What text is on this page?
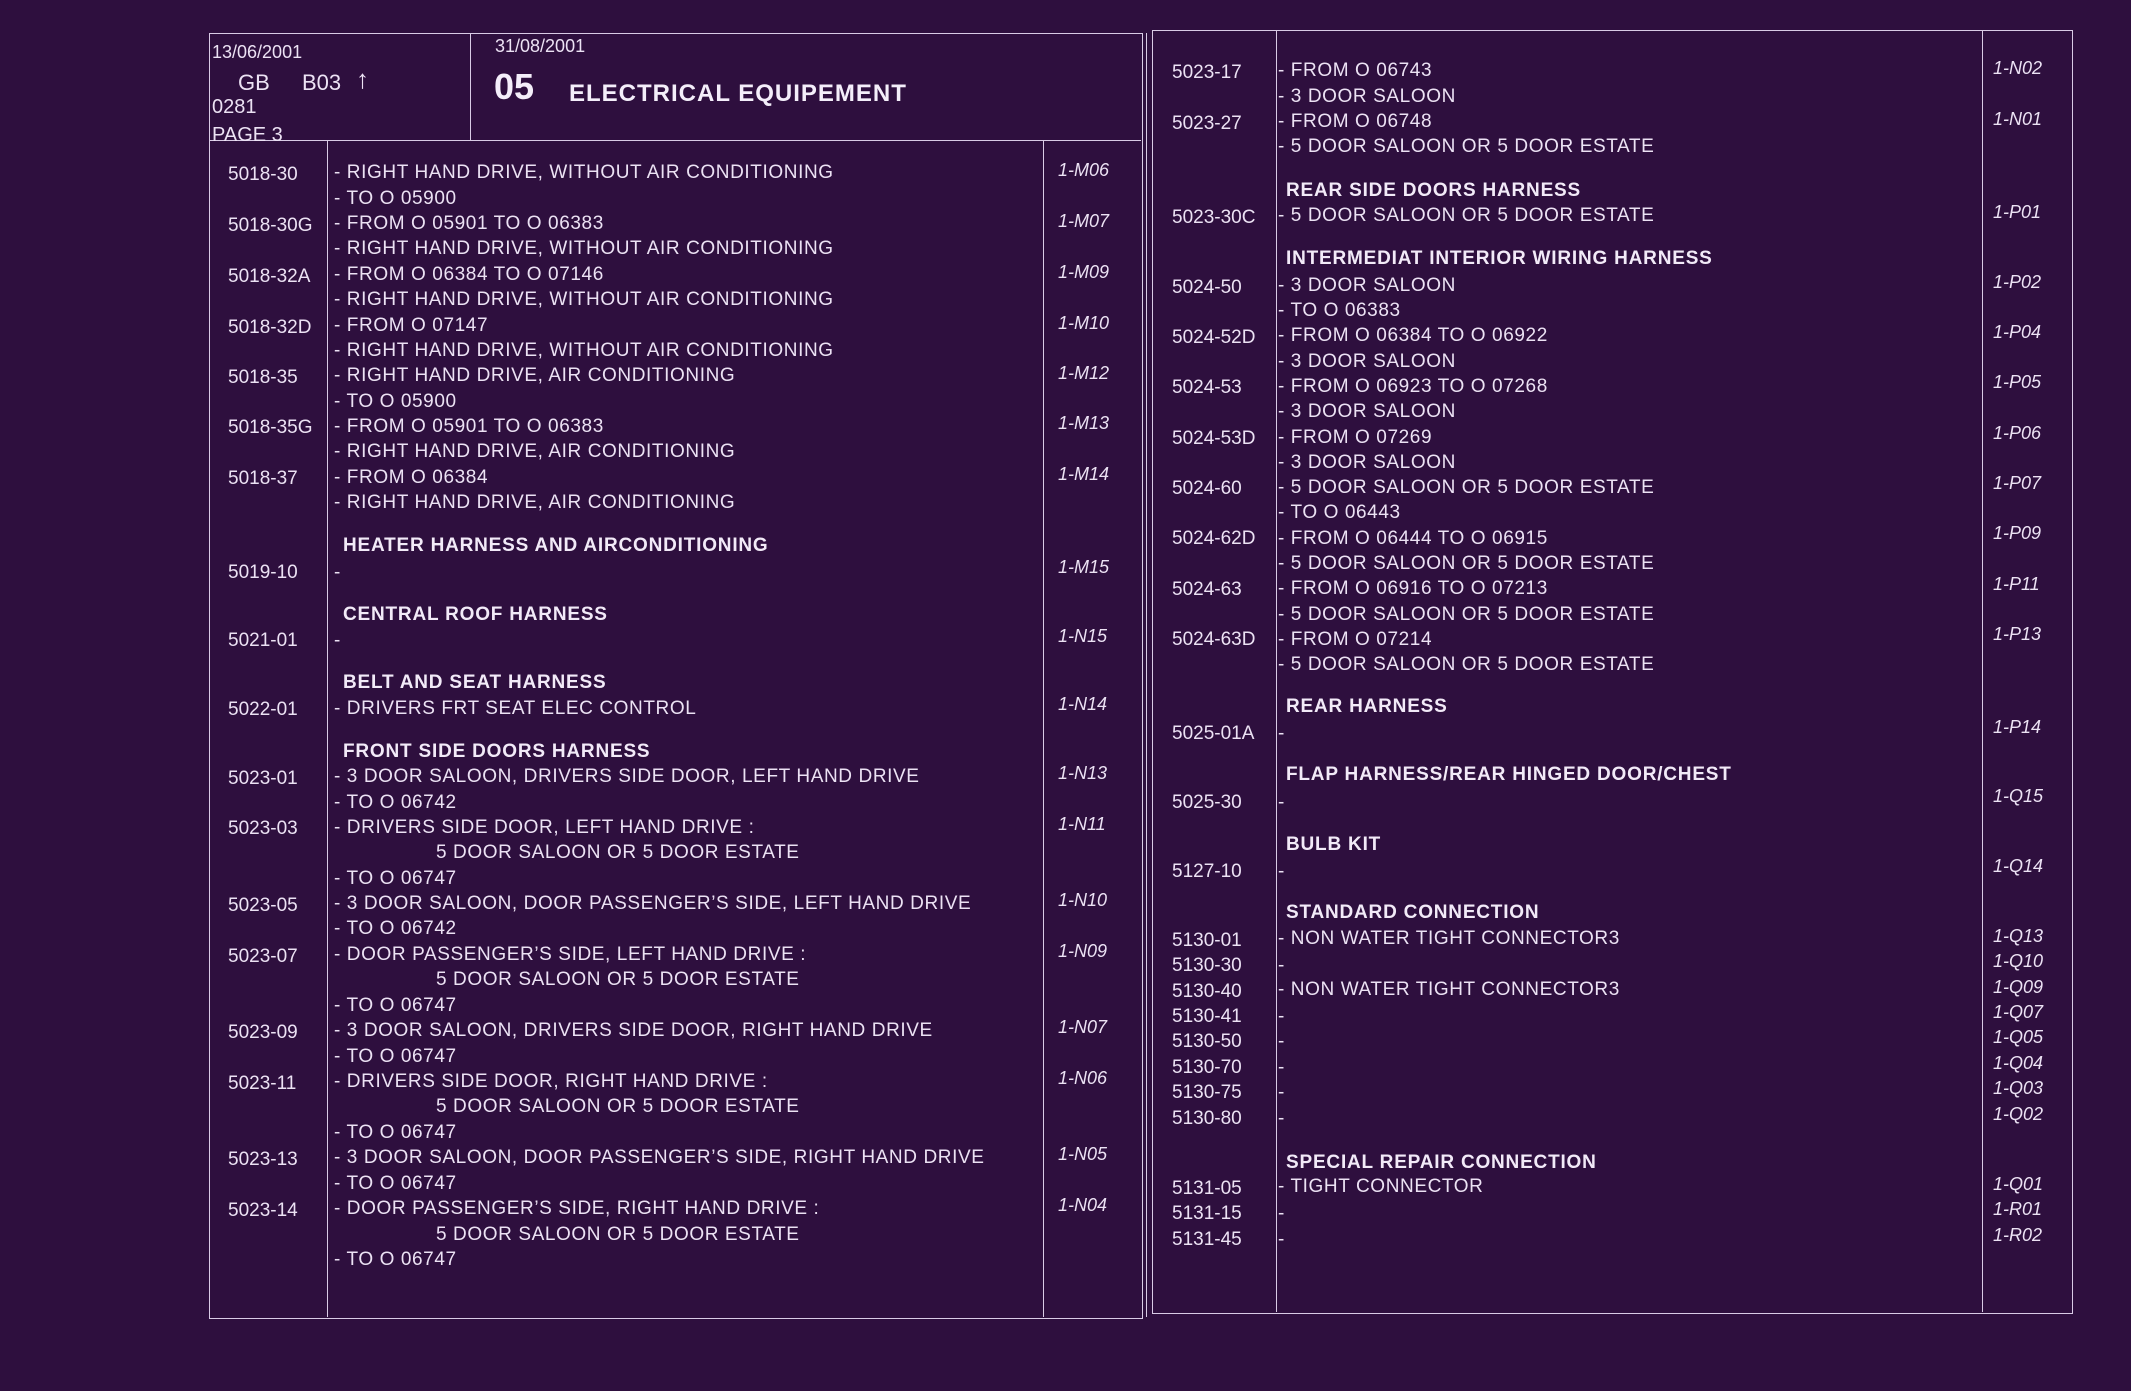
13/06/2001
GB B03 ↑
0281
PAGE 3
31/08/2001
05 ELECTRICAL EQUIPEMENT
5018-30
5018-30G
5018-32A
5018-32D
5018-35
5018-35G
5018-37
5019-10
5021-01
5022-01
5023-01
5023-03
5023-05
5023-07
5023-09
5023-11
5023-13
5023-14
1-M06
1-M07
1-M09
1-M10
1-M12
1-M13
1-M14
1-M15
1-N15
1-N14
1-N13
1-N11
1-N10
1-N09
1-N07
1-N06
1-N05
1-N04
HEATER HARNESS AND AIRCONDITIONING
CENTRAL ROOF HARNESS
BELT AND SEAT HARNESS
FRONT SIDE DOORS HARNESS
- RIGHT HAND DRIVE, WITHOUT AIR CONDITIONING
- TO O 05900
- FROM O 05901 TO O 06383
- RIGHT HAND DRIVE, WITHOUT AIR CONDITIONING
- FROM O 06384 TO O 07146
- RIGHT HAND DRIVE, WITHOUT AIR CONDITIONING
- FROM O 07147
- RIGHT HAND DRIVE, WITHOUT AIR CONDITIONING
- RIGHT HAND DRIVE, AIR CONDITIONING
- TO O 05900
- FROM O 05901 TO O 06383
- RIGHT HAND DRIVE, AIR CONDITIONING
- FROM O 06384
- RIGHT HAND DRIVE, AIR CONDITIONING
-
-
- DRIVERS FRT SEAT ELEC CONTROL
- 3 DOOR SALOON, DRIVERS SIDE DOOR, LEFT HAND DRIVE
- TO O 06742
- DRIVERS SIDE DOOR, LEFT HAND DRIVE :
5 DOOR SALOON OR 5 DOOR ESTATE
- TO O 06747
- 3 DOOR SALOON, DOOR PASSENGER’S SIDE, LEFT HAND DRIVE
- TO O 06742
- DOOR PASSENGER’S SIDE, LEFT HAND DRIVE :
5 DOOR SALOON OR 5 DOOR ESTATE
- TO O 06747
- 3 DOOR SALOON, DRIVERS SIDE DOOR, RIGHT HAND DRIVE
- TO O 06747
- DRIVERS SIDE DOOR, RIGHT HAND DRIVE :
5 DOOR SALOON OR 5 DOOR ESTATE
- TO O 06747
- 3 DOOR SALOON, DOOR PASSENGER’S SIDE, RIGHT HAND DRIVE
- TO O 06747
- DOOR PASSENGER’S SIDE, RIGHT HAND DRIVE :
5 DOOR SALOON OR 5 DOOR ESTATE
- TO O 06747
5023-17
5023-27
5023-30C
5024-50
5024-52D
5024-53
5024-53D
5024-60
5024-62D
5024-63
5024-63D
5025-01A
5025-30
5127-10
5130-01
5130-30
5130-40
5130-41
5130-50
5130-70
5130-75
5130-80
5131-05
5131-15
5131-45
1-N02
1-N01
1-P01
1-P02
1-P04
1-P05
1-P06
1-P07
1-P09
1-P11
1-P13
1-P14
1-Q15
1-Q14
1-Q13
1-Q10
1-Q09
1-Q07
1-Q05
1-Q04
1-Q03
1-Q02
1-Q01
1-R01
1-R02
REAR SIDE DOORS HARNESS
INTERMEDIAT INTERIOR WIRING HARNESS
REAR HARNESS
FLAP HARNESS/REAR HINGED DOOR/CHEST
BULB KIT
STANDARD CONNECTION
SPECIAL REPAIR CONNECTION
- FROM O 06743
- 3 DOOR SALOON
- FROM O 06748
- 5 DOOR SALOON OR 5 DOOR ESTATE
- 5 DOOR SALOON OR 5 DOOR ESTATE
- 3 DOOR SALOON
- TO O 06383
- FROM O 06384 TO O 06922
- 3 DOOR SALOON
- FROM O 06923 TO O 07268
- 3 DOOR SALOON
- FROM O 07269
- 3 DOOR SALOON
- 5 DOOR SALOON OR 5 DOOR ESTATE
- TO O 06443
- FROM O 06444 TO O 06915
- 5 DOOR SALOON OR 5 DOOR ESTATE
- FROM O 06916 TO O 07213
- 5 DOOR SALOON OR 5 DOOR ESTATE
- FROM O 07214
- 5 DOOR SALOON OR 5 DOOR ESTATE
-
-
-
- NON WATER TIGHT CONNECTOR3
-
- NON WATER TIGHT CONNECTOR3
-
-
-
-
-
- TIGHT CONNECTOR
-
-
